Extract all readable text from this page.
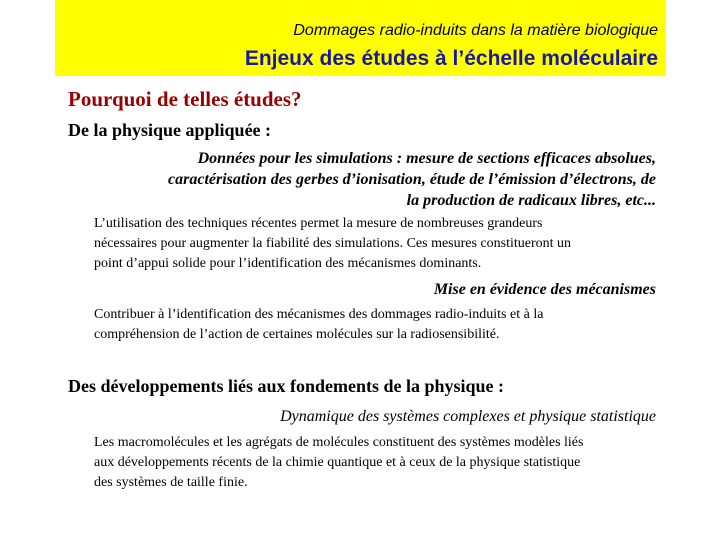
Dommages radio-induits dans la matière biologique
Enjeux des études à l’échelle moléculaire
Pourquoi de telles études?
De la physique appliquée :
Données pour les simulations : mesure de sections efficaces absolues,
caractérisation des gerbes d’ionisation, étude de l’émission d’électrons, de
la production de radicaux libres, etc...
L’utilisation des techniques récentes permet la mesure de nombreuses grandeurs
nécessaires pour augmenter la fiabilité des simulations. Ces mesures constitueront un
point d’appui solide pour l’identification des mécanismes dominants.
Mise en évidence des mécanismes
Contribuer à l’identification des mécanismes des dommages radio-induits et à la
compréhension de l’action de certaines molécules sur la radiosensibilité.
Des développements liés aux fondements de la physique :
Dynamique des systèmes complexes et physique statistique
Les macromolécules et les agrégats de molécules constituent des systèmes modèles liés
aux développements récents de la chimie quantique et à ceux de la physique statistique
des systèmes de taille finie.
